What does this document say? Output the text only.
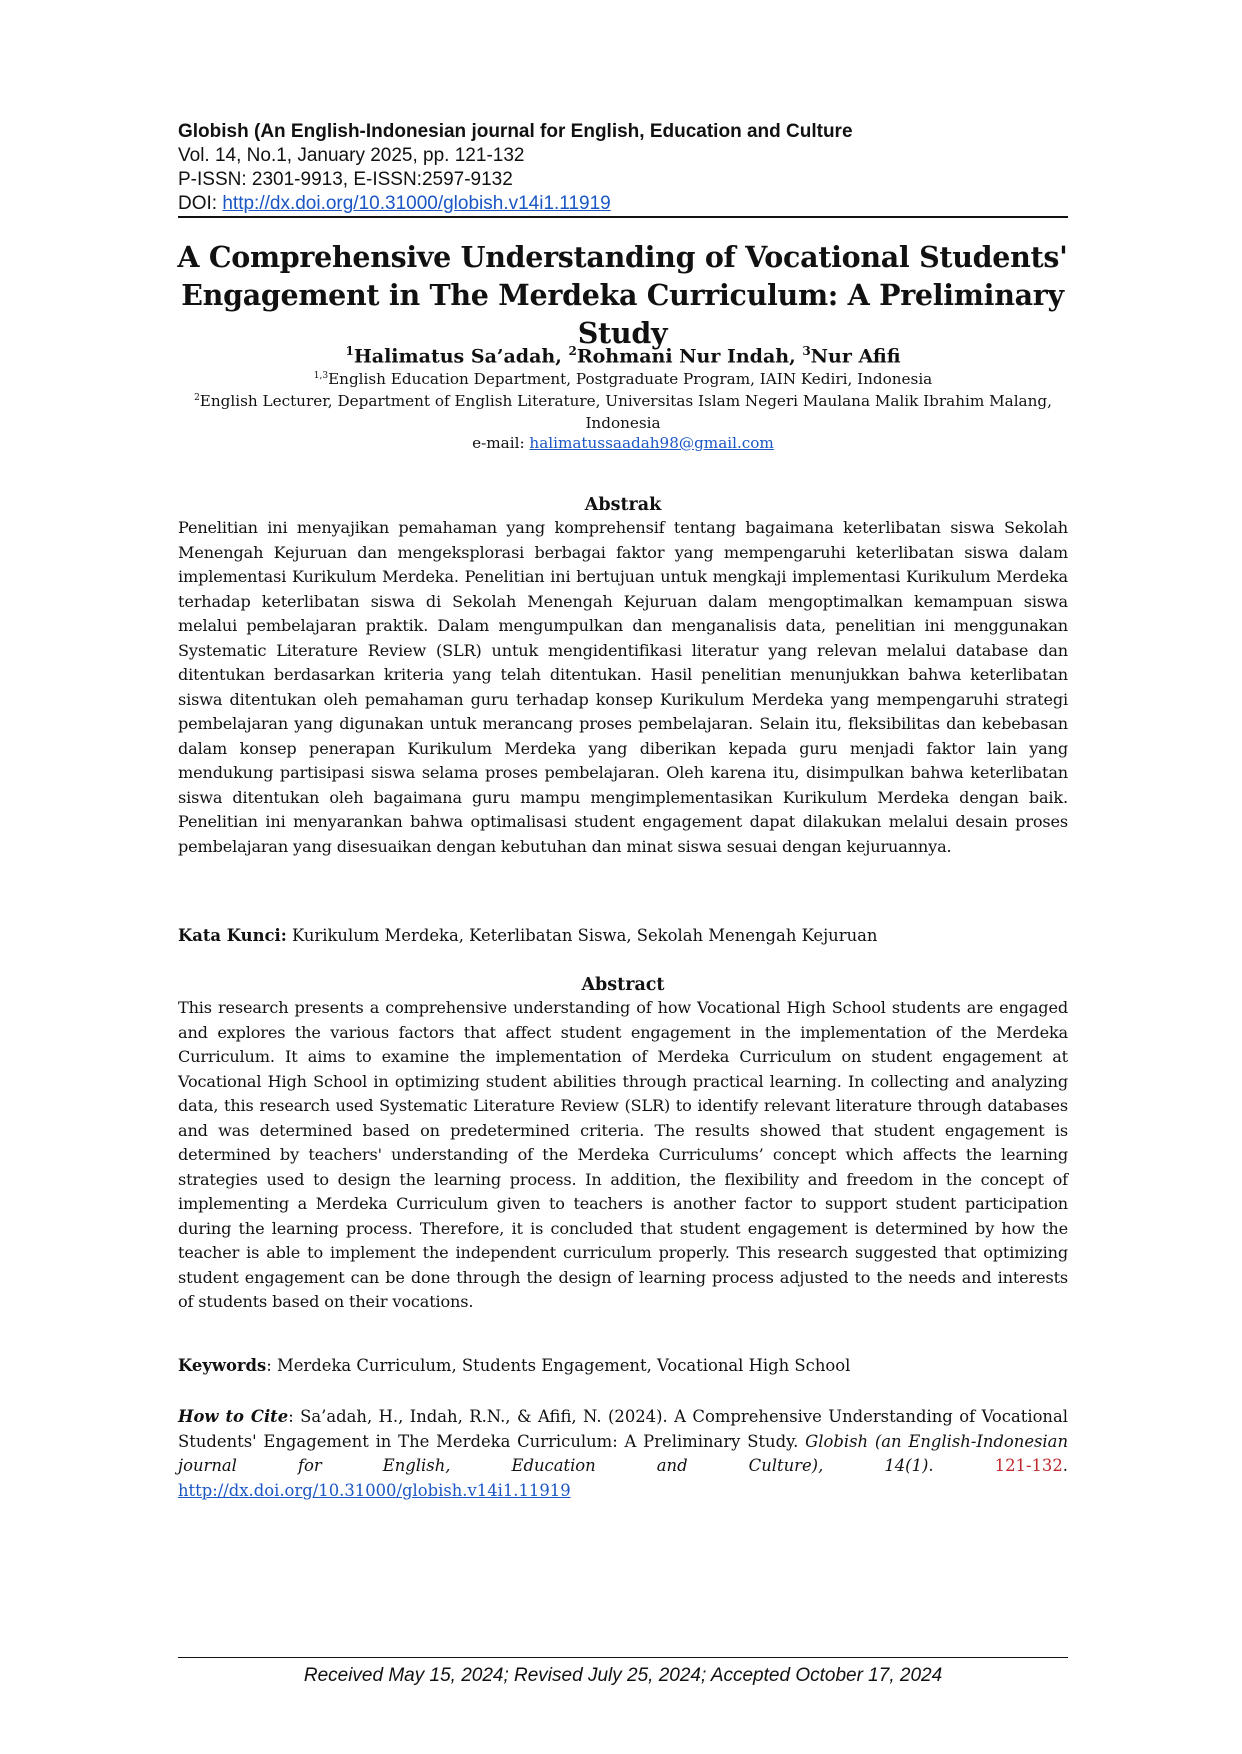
Globish (An English-Indonesian journal for English, Education and Culture
Vol. 14, No.1, January 2025, pp. 121-132
P-ISSN: 2301-9913, E-ISSN:2597-9132
DOI: http://dx.doi.org/10.31000/globish.v14i1.11919
A Comprehensive Understanding of Vocational Students'
Engagement in The Merdeka Curriculum: A Preliminary Study
$^1$Halimatus Sa’adah, $^2$Rohmani Nur Indah, $^3$Nur Afifi
$^{1,3}$English Education Department, Postgraduate Program, IAIN Kediri, Indonesia
$^2$English Lecturer, Department of English Literature, Universitas Islam Negeri Maulana Malik Ibrahim Malang, Indonesia
e-mail: halimatussaadah98@gmail.com
Abstrak
Penelitian ini menyajikan pemahaman yang komprehensif tentang bagaimana keterlibatan siswa Sekolah Menengah Kejuruan dan mengeksplorasi berbagai faktor yang mempengaruhi keterlibatan siswa dalam implementasi Kurikulum Merdeka. Penelitian ini bertujuan untuk mengkaji implementasi Kurikulum Merdeka terhadap keterlibatan siswa di Sekolah Menengah Kejuruan dalam mengoptimalkan kemampuan siswa melalui pembelajaran praktik. Dalam mengumpulkan dan menganalisis data, penelitian ini menggunakan Systematic Literature Review (SLR) untuk mengidentifikasi literatur yang relevan melalui database dan ditentukan berdasarkan kriteria yang telah ditentukan. Hasil penelitian menunjukkan bahwa keterlibatan siswa ditentukan oleh pemahaman guru terhadap konsep Kurikulum Merdeka yang mempengaruhi strategi pembelajaran yang digunakan untuk merancang proses pembelajaran. Selain itu, fleksibilitas dan kebebasan dalam konsep penerapan Kurikulum Merdeka yang diberikan kepada guru menjadi faktor lain yang mendukung partisipasi siswa selama proses pembelajaran. Oleh karena itu, disimpulkan bahwa keterlibatan siswa ditentukan oleh bagaimana guru mampu mengimplementasikan Kurikulum Merdeka dengan baik. Penelitian ini menyarankan bahwa optimalisasi student engagement dapat dilakukan melalui desain proses pembelajaran yang disesuaikan dengan kebutuhan dan minat siswa sesuai dengan kejuruannya.
Kata Kunci: Kurikulum Merdeka, Keterlibatan Siswa, Sekolah Menengah Kejuruan
Abstract
This research presents a comprehensive understanding of how Vocational High School students are engaged and explores the various factors that affect student engagement in the implementation of the Merdeka Curriculum. It aims to examine the implementation of Merdeka Curriculum on student engagement at Vocational High School in optimizing student abilities through practical learning. In collecting and analyzing data, this research used Systematic Literature Review (SLR) to identify relevant literature through databases and was determined based on predetermined criteria. The results showed that student engagement is determined by teachers' understanding of the Merdeka Curriculums’ concept which affects the learning strategies used to design the learning process. In addition, the flexibility and freedom in the concept of implementing a Merdeka Curriculum given to teachers is another factor to support student participation during the learning process. Therefore, it is concluded that student engagement is determined by how the teacher is able to implement the independent curriculum properly. This research suggested that optimizing student engagement can be done through the design of learning process adjusted to the needs and interests of students based on their vocations.
Keywords: Merdeka Curriculum, Students Engagement, Vocational High School
How to Cite: Sa’adah, H., Indah, R.N., & Afifi, N. (2024). A Comprehensive Understanding of Vocational Students' Engagement in The Merdeka Curriculum: A Preliminary Study. Globish (an English-Indonesian journal for English, Education and Culture), 14(1). 121-132. http://dx.doi.org/10.31000/globish.v14i1.11919
Received May 15, 2024; Revised July 25, 2024; Accepted October 17, 2024
